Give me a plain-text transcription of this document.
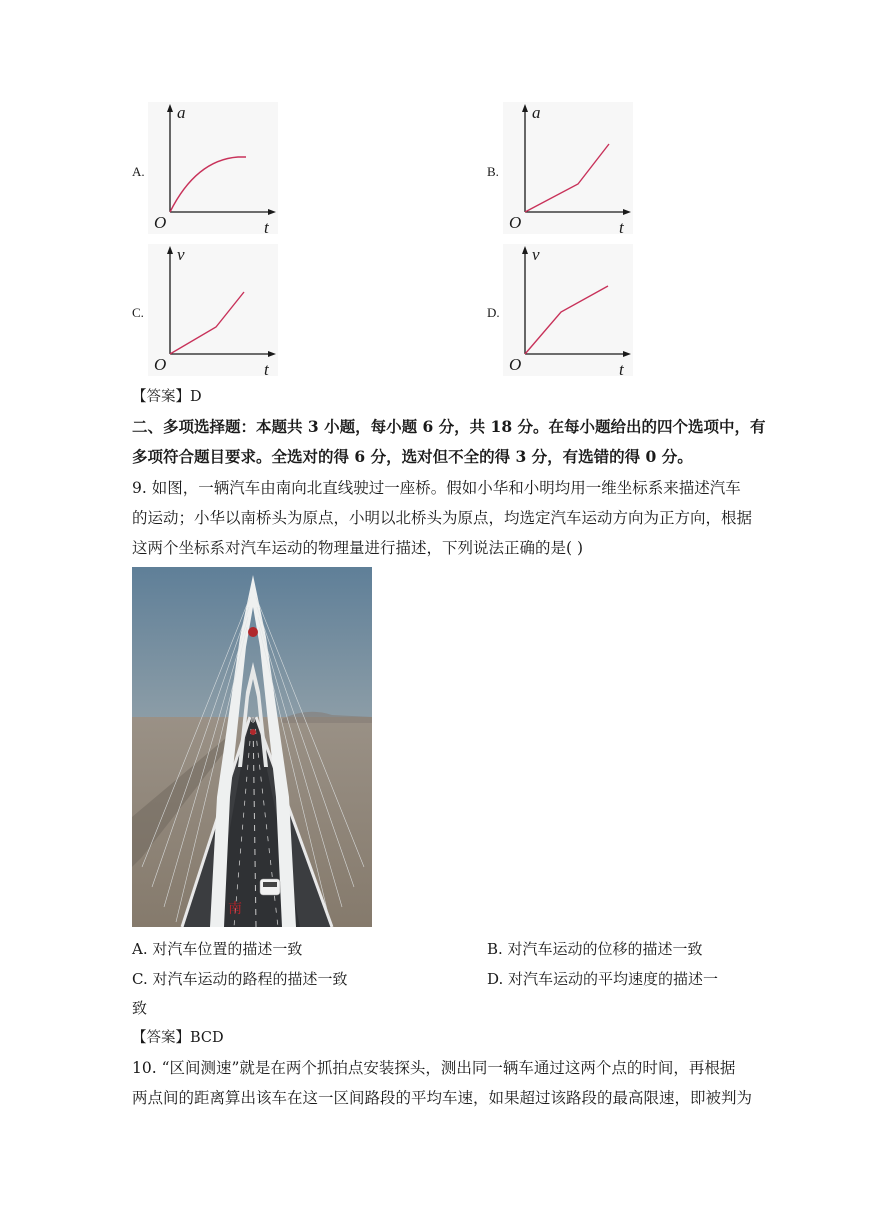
A.	B.
C.	D.
a
O	t
a
O	t
v
O	t
v
O	t
【答案】D
二、多项选择题：本题共 3 小题，每小题 6 分，共 18 分。在每小题给出的四个选项中，有
多项符合题目要求。全选对的得 6 分，选对但不全的得 3 分，有选错的得 0 分。
9. 如图，一辆汽车由南向北直线驶过一座桥。假如小华和小明均用一维坐标系来描述汽车
的运动；小华以南桥头为原点，小明以北桥头为原点，均选定汽车运动方向为正方向，根据
这两个坐标系对汽车运动的物理量进行描述，下列说法正确的是( )
南
A. 对汽车位置的描述一致	B. 对汽车运动的位移的描述一致
C. 对汽车运动的路程的描述一致	D. 对汽车运动的平均速度的描述一
致
【答案】BCD
10. “区间测速”就是在两个抓拍点安装探头，测出同一辆车通过这两个点的时间，再根据
两点间的距离算出该车在这一区间路段的平均车速，如果超过该路段的最高限速，即被判为
